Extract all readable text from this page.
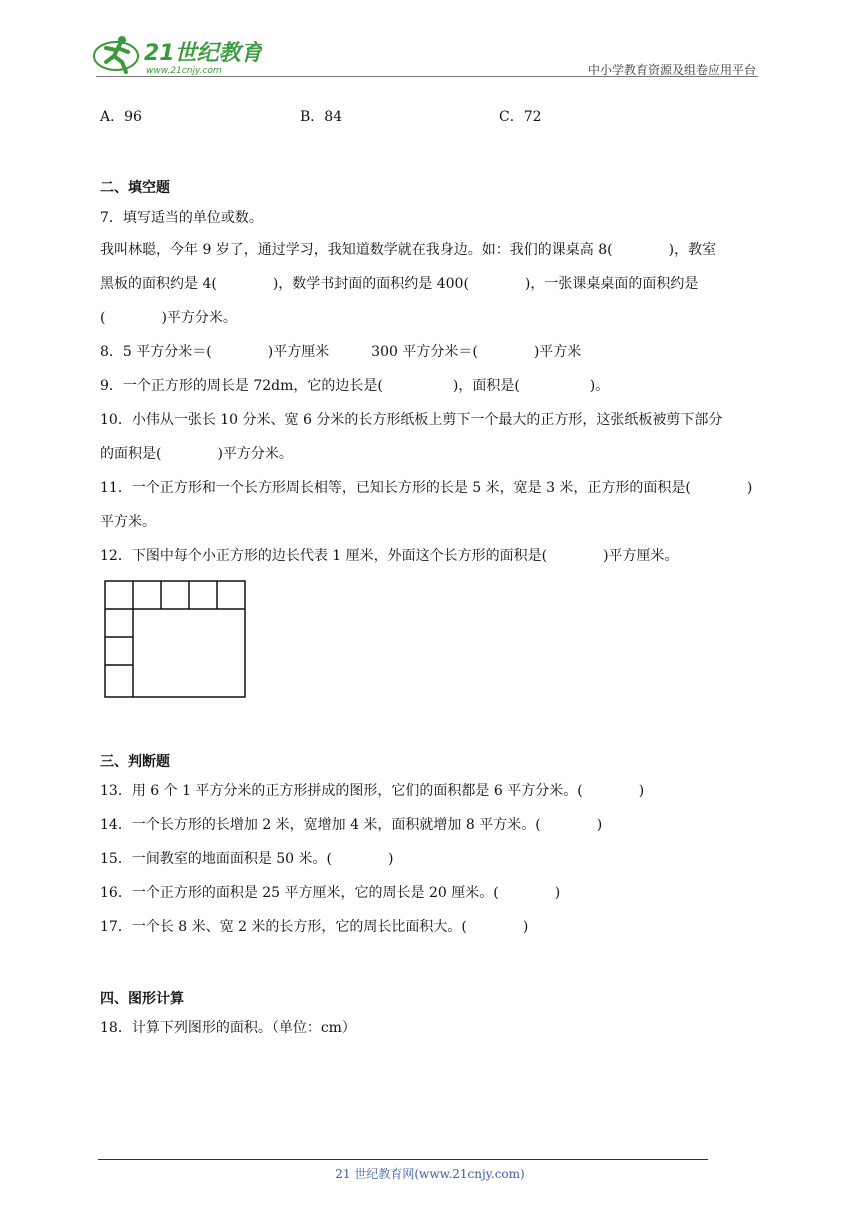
21世纪教育
www.21cnjy.com	中小学教育资源及组卷应用平台
A．96	B．84	C．72
二、填空题
7．填写适当的单位或数。
我叫林聪，今年 9 岁了，通过学习，我知道数学就在我身边。如：我们的课桌高 8(　　　　)，教室
黑板的面积约是 4(　　　　)，数学书封面的面积约是 400(　　　　)，一张课桌桌面的面积约是
(　　　　)平方分米。
8．5 平方分米＝(　　　　)平方厘米　　　300 平方分米＝(　　　　)平方米
9．一个正方形的周长是 72dm，它的边长是(　　　　　)，面积是(　　　　　)。
10．小伟从一张长 10 分米、宽 6 分米的长方形纸板上剪下一个最大的正方形，这张纸板被剪下部分
的面积是(　　　　)平方分米。
11．一个正方形和一个长方形周长相等，已知长方形的长是 5 米，宽是 3 米，正方形的面积是(　　　　)
平方米。
12．下图中每个小正方形的边长代表 1 厘米，外面这个长方形的面积是(　　　　)平方厘米。
三、判断题
13．用 6 个 1 平方分米的正方形拼成的图形，它们的面积都是 6 平方分米。(　　　　)
14．一个长方形的长增加 2 米，宽增加 4 米，面积就增加 8 平方米。(　　　　)
15．一间教室的地面面积是 50 米。(　　　　)
16．一个正方形的面积是 25 平方厘米，它的周长是 20 厘米。(　　　　)
17．一个长 8 米、宽 2 米的长方形，它的周长比面积大。(　　　　)
四、图形计算
18．计算下列图形的面积。（单位：cm）
21 世纪教育网(www.21cnjy.com)
